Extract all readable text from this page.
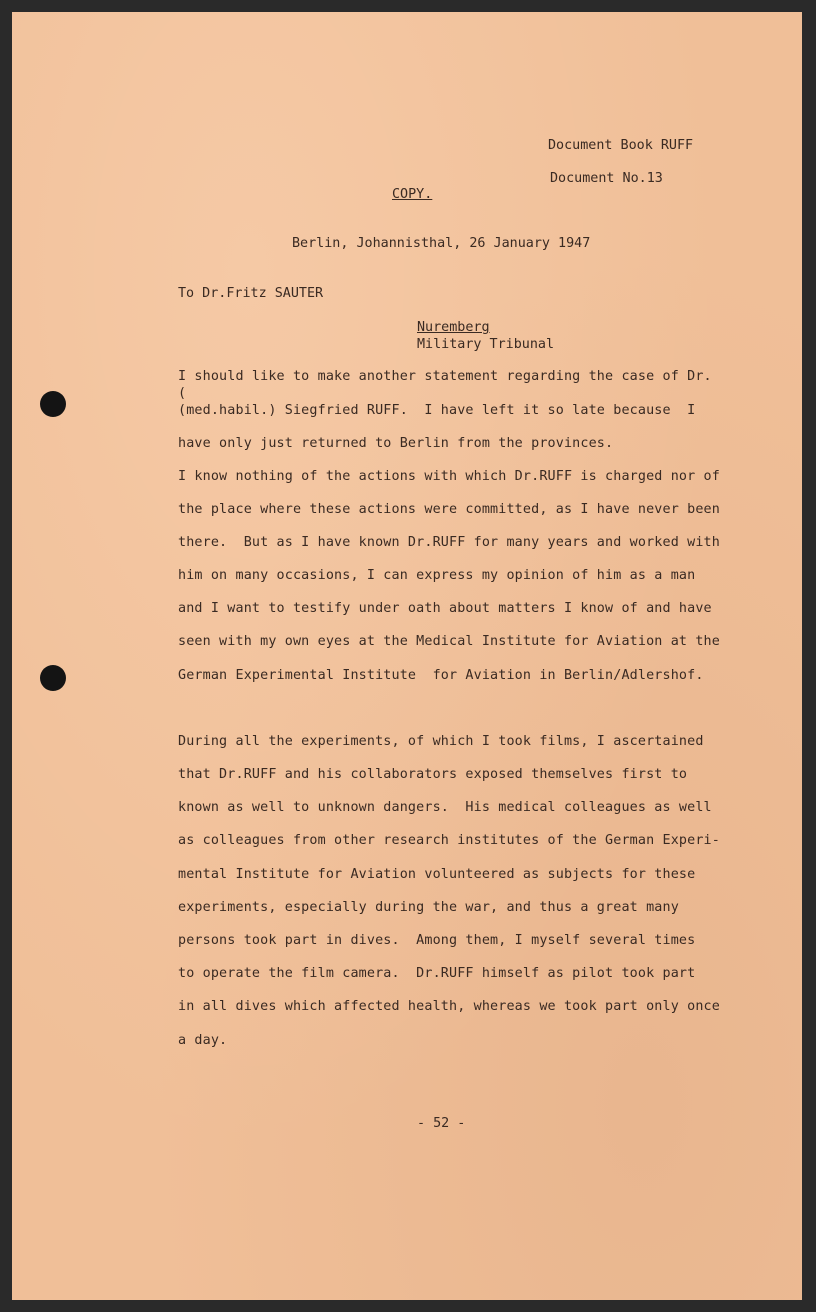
Document Book RUFF
Document No.13
COPY.
Berlin, Johannisthal, 26 January 1947
To Dr.Fritz SAUTER
Nuremberg
Military Tribunal
I should like to make another statement regarding the case of Dr.
(
(med.habil.) Siegfried RUFF.  I have left it so late because  I
have only just returned to Berlin from the provinces.
I know nothing of the actions with which Dr.RUFF is charged nor of
the place where these actions were committed, as I have never been
there.  But as I have known Dr.RUFF for many years and worked with
him on many occasions, I can express my opinion of him as a man
and I want to testify under oath about matters I know of and have
seen with my own eyes at the Medical Institute for Aviation at the
German Experimental Institute  for Aviation in Berlin/Adlershof.
During all the experiments, of which I took films, I ascertained
that Dr.RUFF and his collaborators exposed themselves first to
known as well to unknown dangers.  His medical colleagues as well
as colleagues from other research institutes of the German Experi-
mental Institute for Aviation volunteered as subjects for these
experiments, especially during the war, and thus a great many
persons took part in dives.  Among them, I myself several times
to operate the film camera.  Dr.RUFF himself as pilot took part
in all dives which affected health, whereas we took part only once
a day.
- 52 -
